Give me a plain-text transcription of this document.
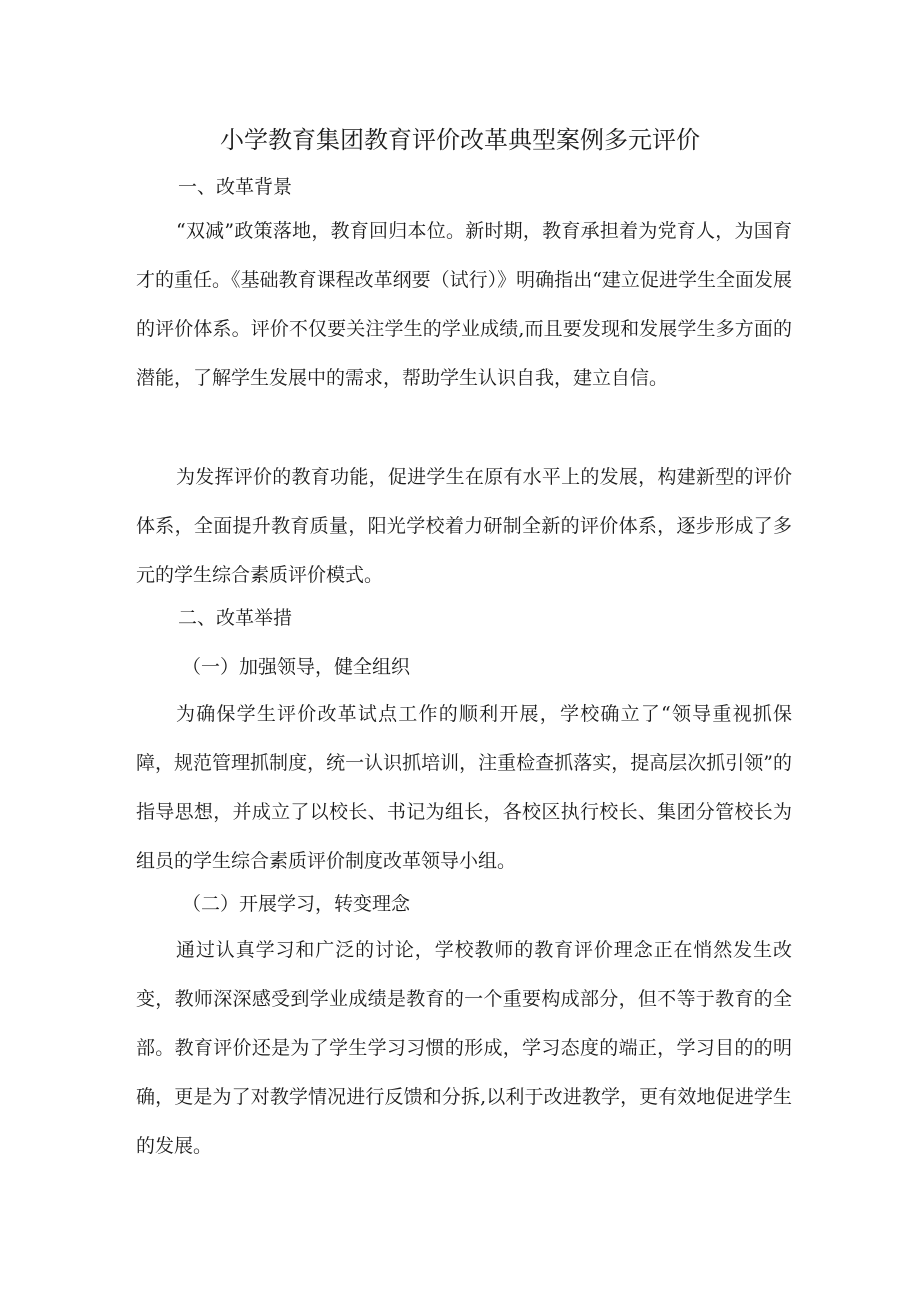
小学教育集团教育评价改革典型案例多元评价
一、改革背景

“双减”政策落地，教育回归本位。新时期，教育承担着为党育人，为国育才的重任。《基础教育课程改革纲要（试行）》明确指出“建立促进学生全面发展的评价体系。评价不仅要关注学生的学业成绩,而且要发现和发展学生多方面的潜能，了解学生发展中的需求，帮助学生认识自我，建立自信。

为发挥评价的教育功能，促进学生在原有水平上的发展，构建新型的评价体系，全面提升教育质量，阳光学校着力研制全新的评价体系，逐步形成了多元的学生综合素质评价模式。

二、改革举措
（一）加强领导，健全组织

为确保学生评价改革试点工作的顺利开展，学校确立了“领导重视抓保障，规范管理抓制度，统一认识抓培训，注重检查抓落实，提高层次抓引领”的指导思想，并成立了以校长、书记为组长，各校区执行校长、集团分管校长为组员的学生综合素质评价制度改革领导小组。

（二）开展学习，转变理念

通过认真学习和广泛的讨论，学校教师的教育评价理念正在悄然发生改变，教师深深感受到学业成绩是教育的一个重要构成部分，但不等于教育的全部。教育评价还是为了学生学习习惯的形成，学习态度的端正，学习目的的明确，更是为了对教学情况进行反馈和分拆,以利于改进教学，更有效地促进学生的发展。
